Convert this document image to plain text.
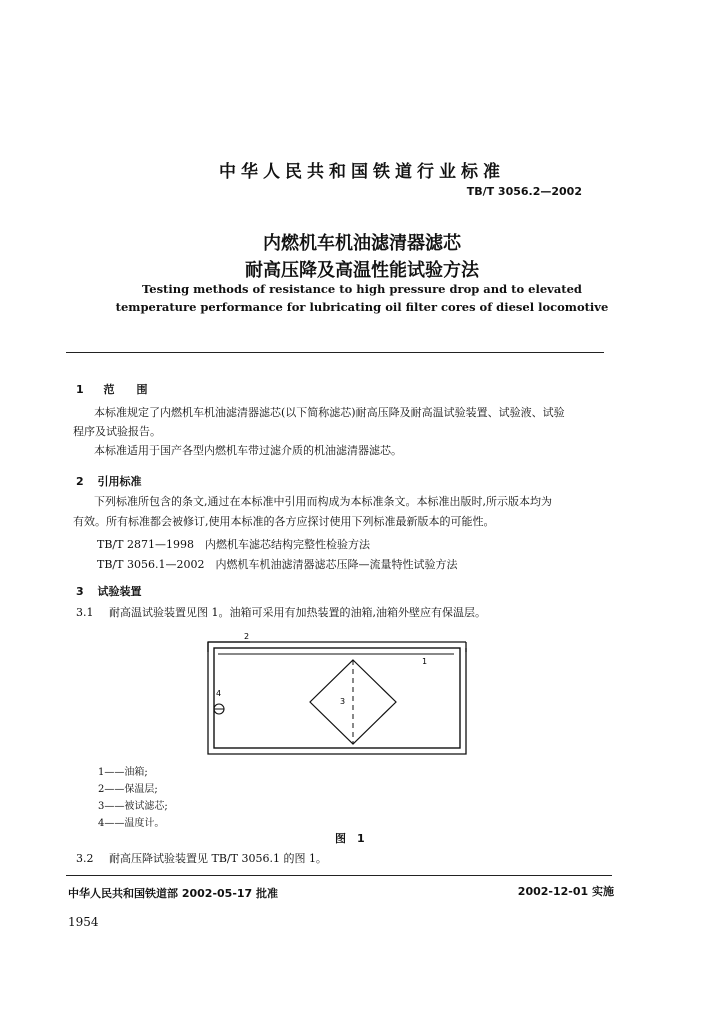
中华人民共和国铁道行业标准
TB/T 3056.2—2002
内燃机车机油滤清器滤芯
耐高压降及高温性能试验方法
Testing methods of resistance to high pressure drop and to elevated
temperature performance for lubricating oil filter cores of diesel locomotive
1 范　　围
本标准规定了内燃机车机油滤清器滤芯(以下简称滤芯)耐高压降及耐高温试验装置、试验液、试验
程序及试验报告。
本标准适用于国产各型内燃机车带过滤介质的机油滤清器滤芯。
2 引用标准
下列标准所包含的条文,通过在本标准中引用而构成为本标准条文。本标准出版时,所示版本均为
有效。所有标准都会被修订,使用本标准的各方应探讨使用下列标准最新版本的可能性。
TB/T 2871—1998　内燃机车滤芯结构完整性检验方法
TB/T 3056.1—2002　内燃机车机油滤清器滤芯压降—流量特性试验方法
3 试验装置
3.1 耐高温试验装置见图 1。油箱可采用有加热装置的油箱,油箱外壁应有保温层。
2
1
3
4
1——油箱;
2——保温层;
3——被试滤芯;
4——温度计。
图　1
3.2 耐高压降试验装置见 TB/T 3056.1 的图 1。
中华人民共和国铁道部 2002-05-17 批准	2002-12-01 实施
1954
